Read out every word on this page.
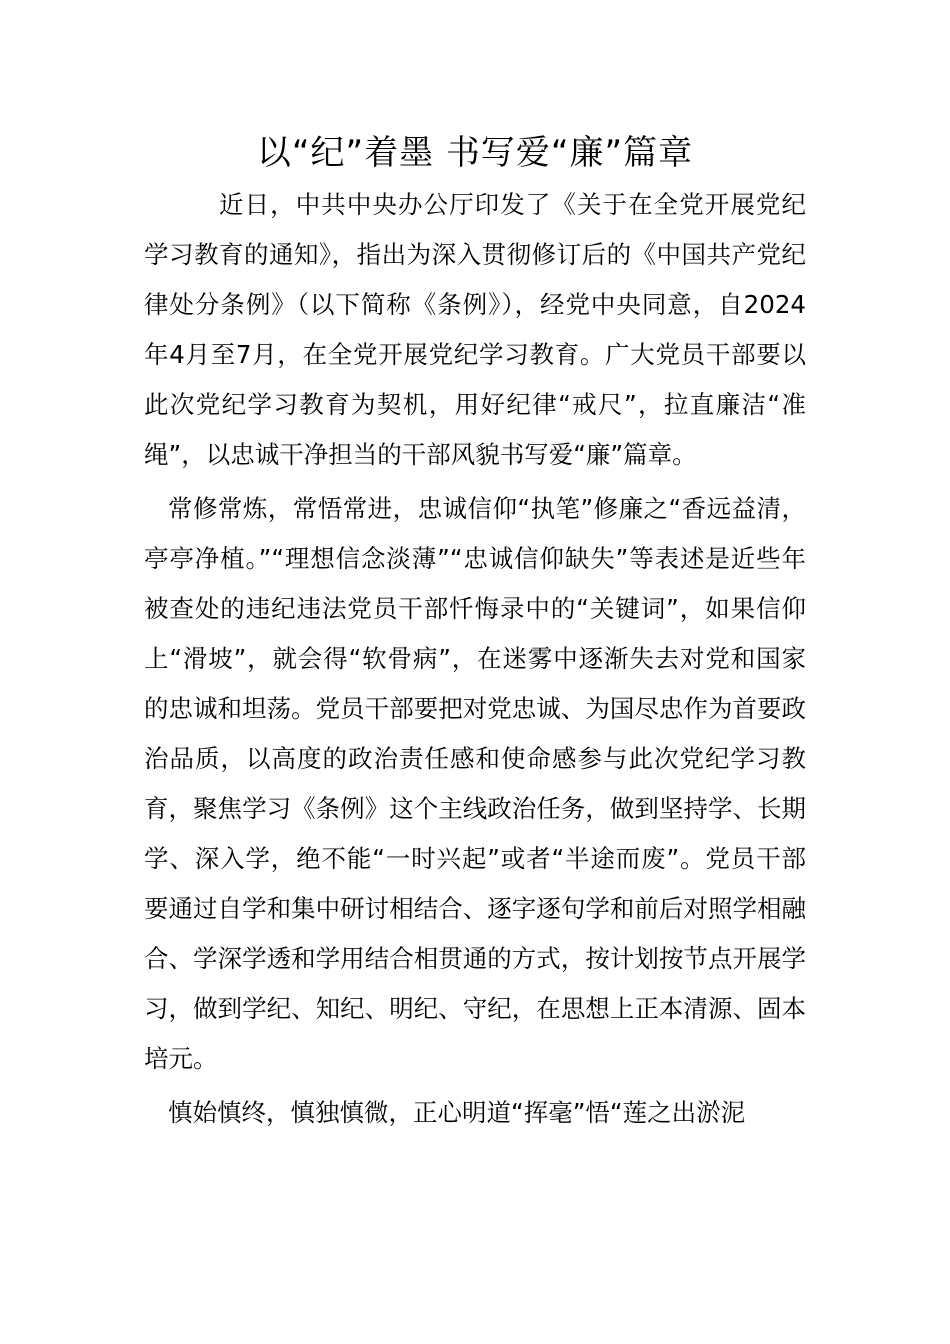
以“纪”着墨 书写爱“廉”篇章

近日，中共中央办公厅印发了《关于在全党开展党纪学习教育的通知》，指出为深入贯彻修订后的《中国共产党纪律处分条例》（以下简称《条例》），经党中央同意，自2024年4月至7月，在全党开展党纪学习教育。广大党员干部要以此次党纪学习教育为契机，用好纪律“戒尺”，拉直廉洁“准绳”，以忠诚干净担当的干部风貌书写爱“廉”篇章。

常修常炼，常悟常进，忠诚信仰“执笔”修廉之“香远益清，亭亭净植。”“理想信念淡薄”“忠诚信仰缺失”等表述是近些年被查处的违纪违法党员干部忏悔录中的“关键词”，如果信仰上“滑坡”，就会得“软骨病”，在迷雾中逐渐失去对党和国家的忠诚和坦荡。党员干部要把对党忠诚、为国尽忠作为首要政治品质，以高度的政治责任感和使命感参与此次党纪学习教育，聚焦学习《条例》这个主线政治任务，做到坚持学、长期学、深入学，绝不能“一时兴起”或者“半途而废”。党员干部要通过自学和集中研讨相结合、逐字逐句学和前后对照学相融合、学深学透和学用结合相贯通的方式，按计划按节点开展学习，做到学纪、知纪、明纪、守纪，在思想上正本清源、固本培元。

慎始慎终，慎独慎微，正心明道“挥毫”悟“莲之出淤泥
